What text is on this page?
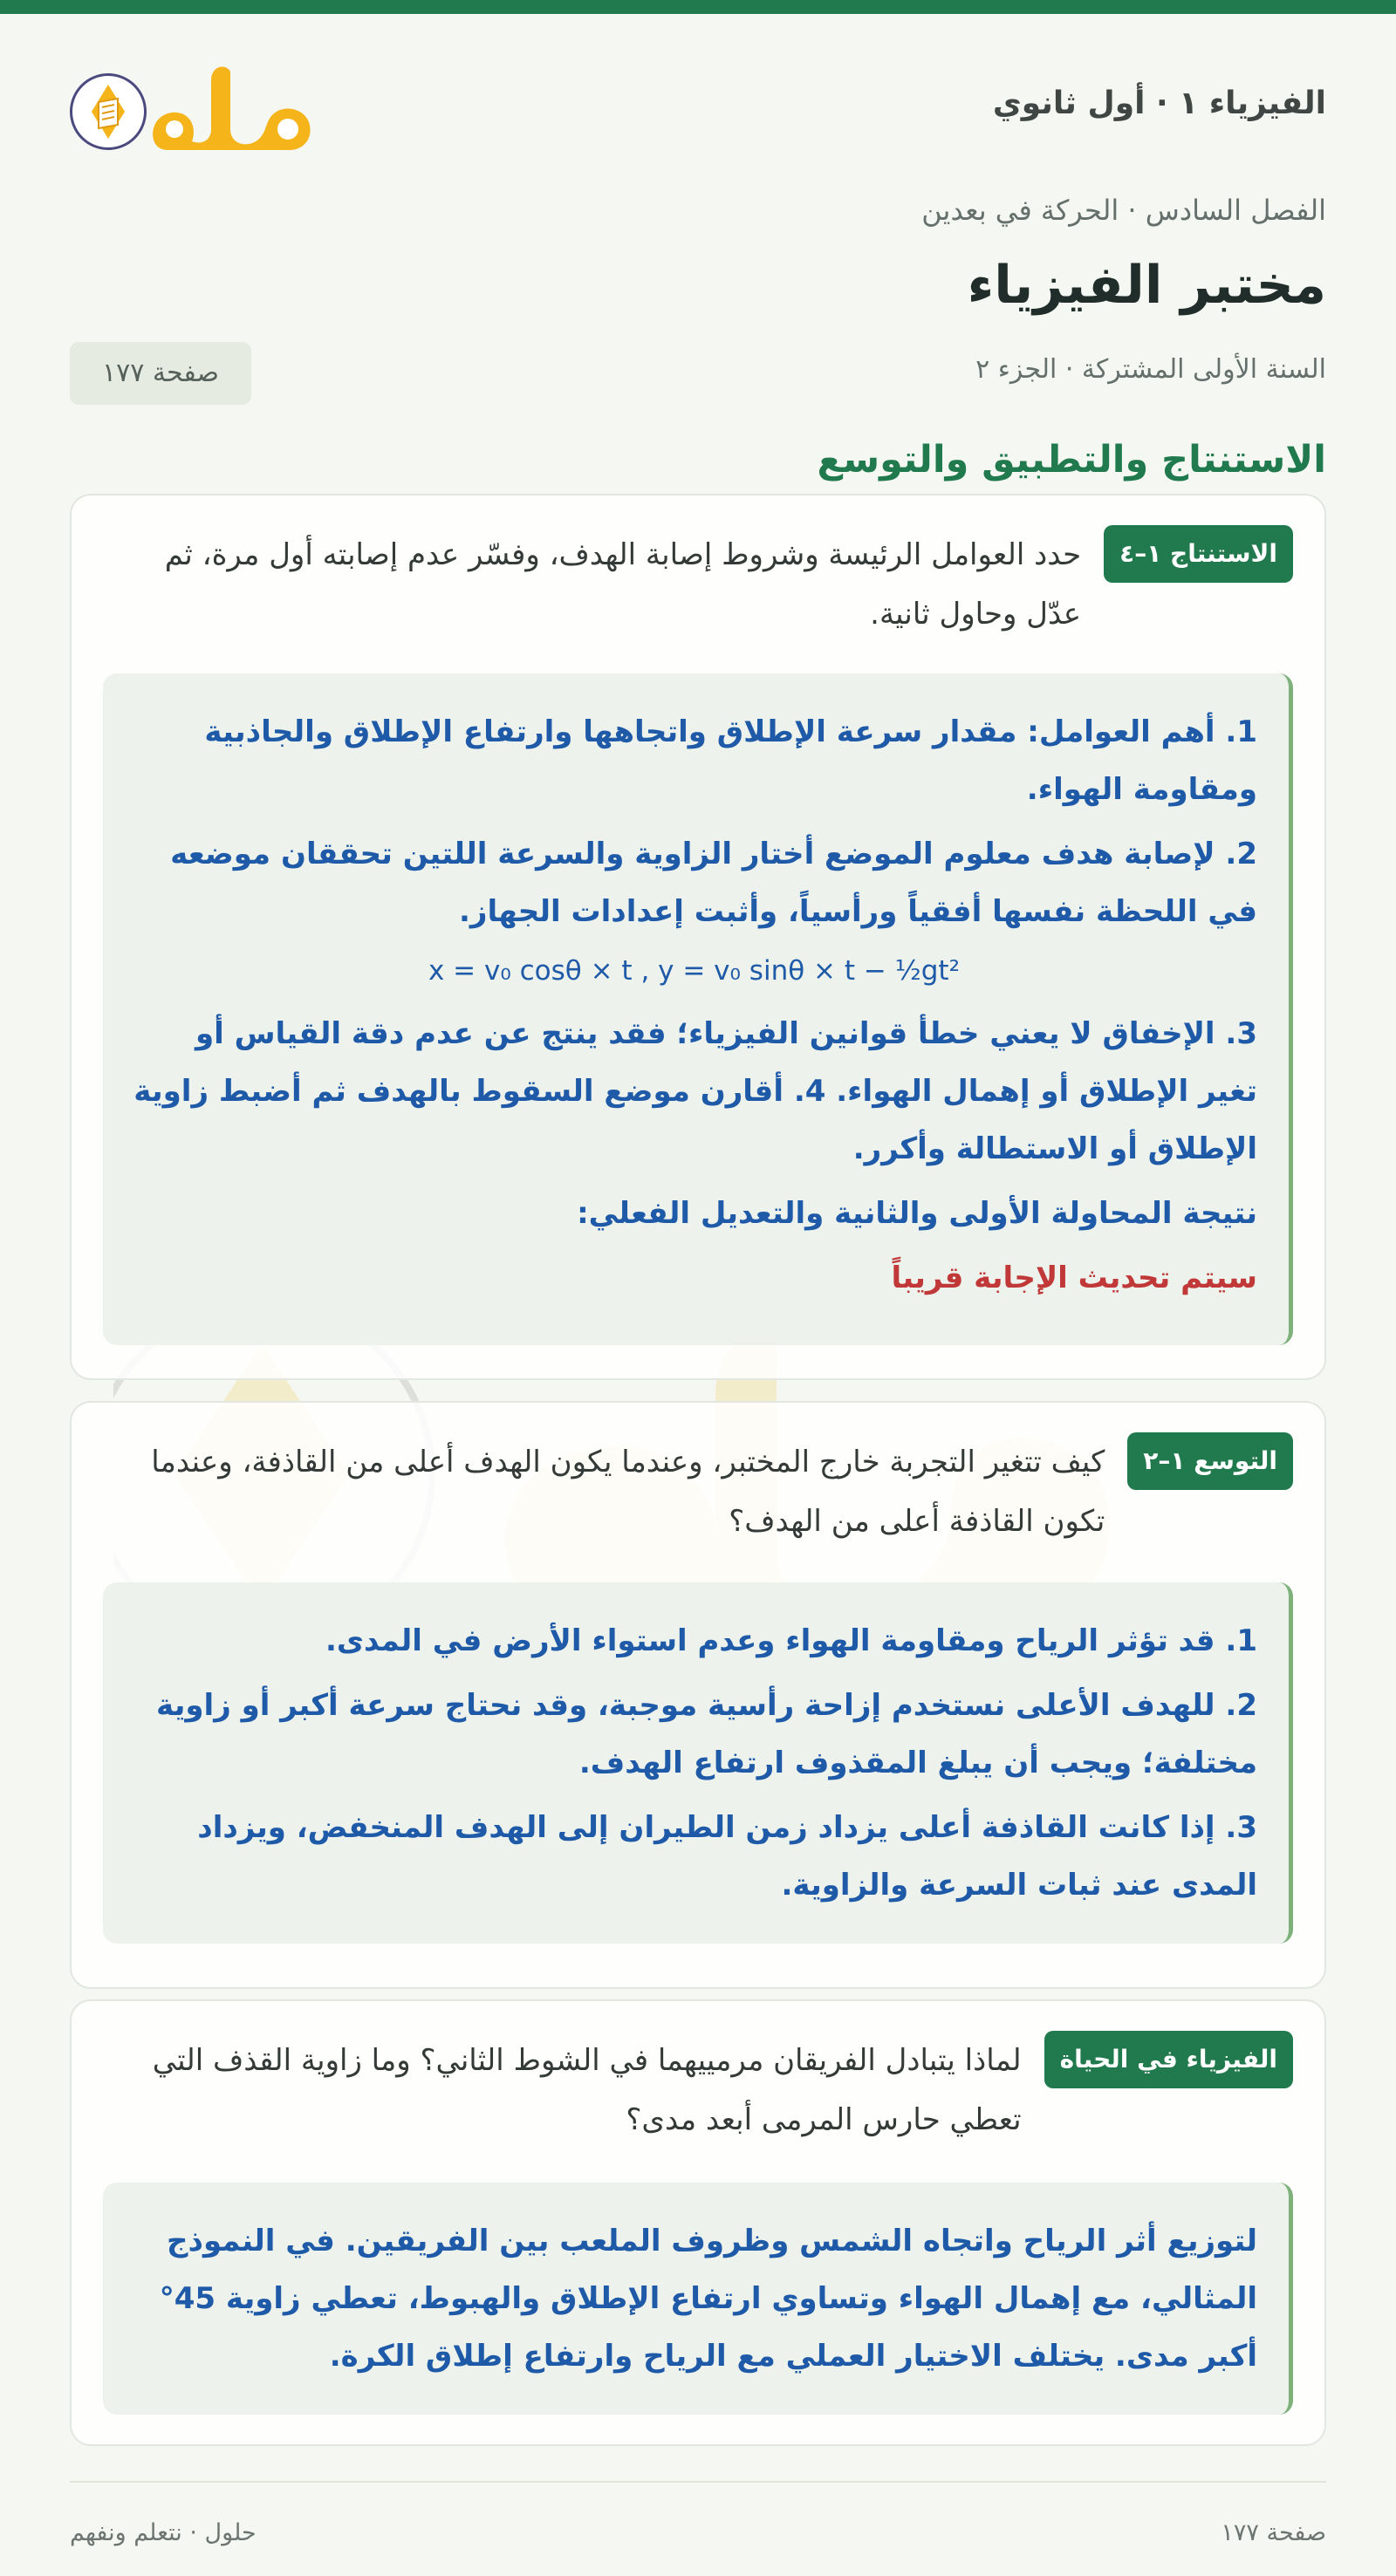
الفيزياء ١ · أول ثانوي
الفصل السادس · الحركة في بعدين
مختبر الفيزياء
السنة الأولى المشتركة · الجزء ٢
صفحة ١٧٧
الاستنتاج والتطبيق والتوسع
الاستنتاج ١–٤
حدد العوامل الرئيسة وشروط إصابة الهدف، وفسّر عدم إصابته أول مرة، ثم عدّل وحاول ثانية.

1. أهم العوامل: مقدار سرعة الإطلاق واتجاهها وارتفاع الإطلاق والجاذبية ومقاومة الهواء.

2. لإصابة هدف معلوم الموضع أختار الزاوية والسرعة اللتين تحققان موضعه في اللحظة نفسها أفقياً ورأسياً، وأثبت إعدادات الجهاز.

x = v₀ cosθ × t , y = v₀ sinθ × t − ½gt²

3. الإخفاق لا يعني خطأ قوانين الفيزياء؛ فقد ينتج عن عدم دقة القياس أو تغير الإطلاق أو إهمال الهواء. 4. أقارن موضع السقوط بالهدف ثم أضبط زاوية الإطلاق أو الاستطالة وأكرر.

نتيجة المحاولة الأولى والثانية والتعديل الفعلي:

سيتم تحديث الإجابة قريباً

التوسع ١–٢
كيف تتغير التجربة خارج المختبر، وعندما يكون الهدف أعلى من القاذفة، وعندما تكون القاذفة أعلى من الهدف؟

1. قد تؤثر الرياح ومقاومة الهواء وعدم استواء الأرض في المدى.

2. للهدف الأعلى نستخدم إزاحة رأسية موجبة، وقد نحتاج سرعة أكبر أو زاوية مختلفة؛ ويجب أن يبلغ المقذوف ارتفاع الهدف.

3. إذا كانت القاذفة أعلى يزداد زمن الطيران إلى الهدف المنخفض، ويزداد المدى عند ثبات السرعة والزاوية.

الفيزياء في الحياة
لماذا يتبادل الفريقان مرمييهما في الشوط الثاني؟ وما زاوية القذف التي تعطي حارس المرمى أبعد مدى؟

لتوزيع أثر الرياح واتجاه الشمس وظروف الملعب بين الفريقين. في النموذج المثالي، مع إهمال الهواء وتساوي ارتفاع الإطلاق والهبوط، تعطي زاوية 45° أكبر مدى. يختلف الاختيار العملي مع الرياح وارتفاع إطلاق الكرة.

صفحة ١٧٧
حلول · نتعلم ونفهم
